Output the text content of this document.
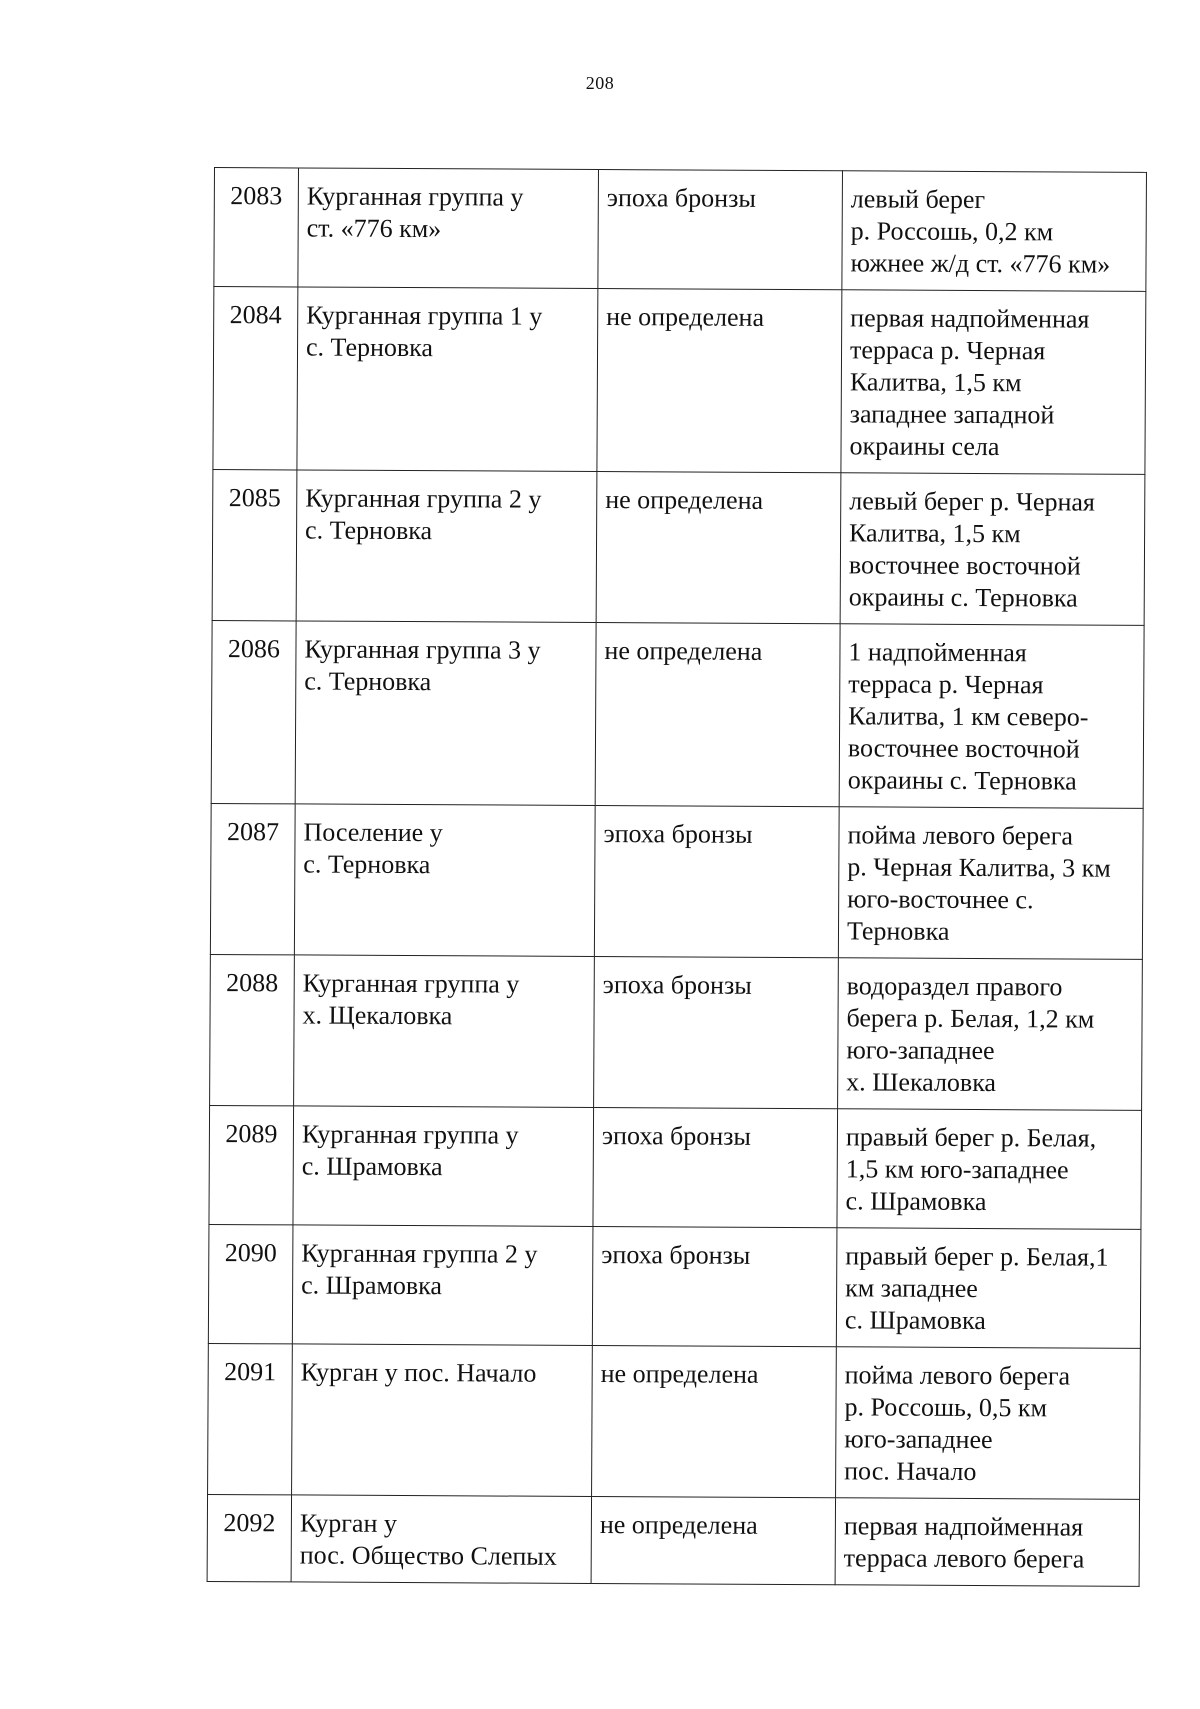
208
2083	Курганная группа у
ст. «776 км»	эпоха бронзы	левый берег
р. Россошь, 0,2 км
южнее ж/д ст. «776 км»
2084	Курганная группа 1 у
с. Терновка	не определена	первая надпойменная
терраса р. Черная
Калитва, 1,5 км
западнее западной
окраины села
2085	Курганная группа 2 у
с. Терновка	не определена	левый берег р. Черная
Калитва, 1,5 км
восточнее восточной
окраины с. Терновка
2086	Курганная группа 3 у
с. Терновка	не определена	1 надпойменная
терраса р. Черная
Калитва, 1 км северо-
восточнее восточной
окраины с. Терновка
2087	Поселение у
с. Терновка	эпоха бронзы	пойма левого берега
р. Черная Калитва, 3 км
юго-восточнее с.
Терновка
2088	Курганная группа у
х. Щекаловка	эпоха бронзы	водораздел правого
берега р. Белая, 1,2 км
юго-западнее
х. Шекаловка
2089	Курганная группа у
с. Шрамовка	эпоха бронзы	правый берег р. Белая,
1,5 км юго-западнее
с. Шрамовка
2090	Курганная группа 2 у
с. Шрамовка	эпоха бронзы	правый берег р. Белая,1
км западнее
с. Шрамовка
2091	Курган у пос. Начало	не определена	пойма левого берега
р. Россошь, 0,5 км
юго-западнее
пос. Начало
2092	Курган у
пос. Общество Слепых	не определена	первая надпойменная
терраса левого берега
